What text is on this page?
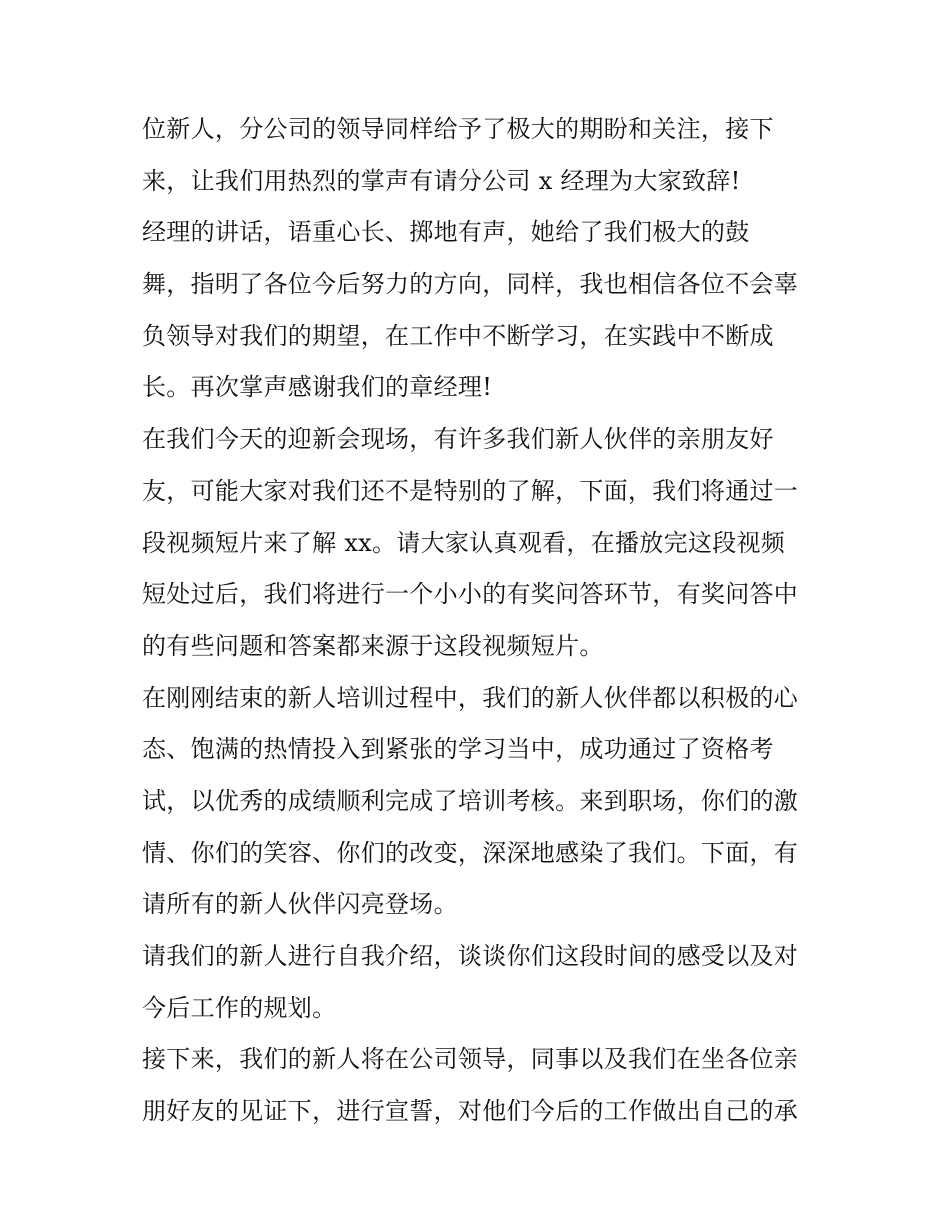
位新人，分公司的领导同样给予了极大的期盼和关注，接下
来，让我们用热烈的掌声有请分公司 x 经理为大家致辞!
经理的讲话，语重心长、掷地有声，她给了我们极大的鼓
舞，指明了各位今后努力的方向，同样，我也相信各位不会辜
负领导对我们的期望，在工作中不断学习，在实践中不断成
长。再次掌声感谢我们的章经理!
在我们今天的迎新会现场，有许多我们新人伙伴的亲朋友好
友，可能大家对我们还不是特别的了解，下面，我们将通过一
段视频短片来了解 xx。请大家认真观看，在播放完这段视频
短处过后，我们将进行一个小小的有奖问答环节，有奖问答中
的有些问题和答案都来源于这段视频短片。
在刚刚结束的新人培训过程中，我们的新人伙伴都以积极的心
态、饱满的热情投入到紧张的学习当中，成功通过了资格考
试，以优秀的成绩顺利完成了培训考核。来到职场，你们的激
情、你们的笑容、你们的改变，深深地感染了我们。下面，有
请所有的新人伙伴闪亮登场。
请我们的新人进行自我介绍，谈谈你们这段时间的感受以及对
今后工作的规划。
接下来，我们的新人将在公司领导，同事以及我们在坐各位亲
朋好友的见证下，进行宣誓，对他们今后的工作做出自己的承
